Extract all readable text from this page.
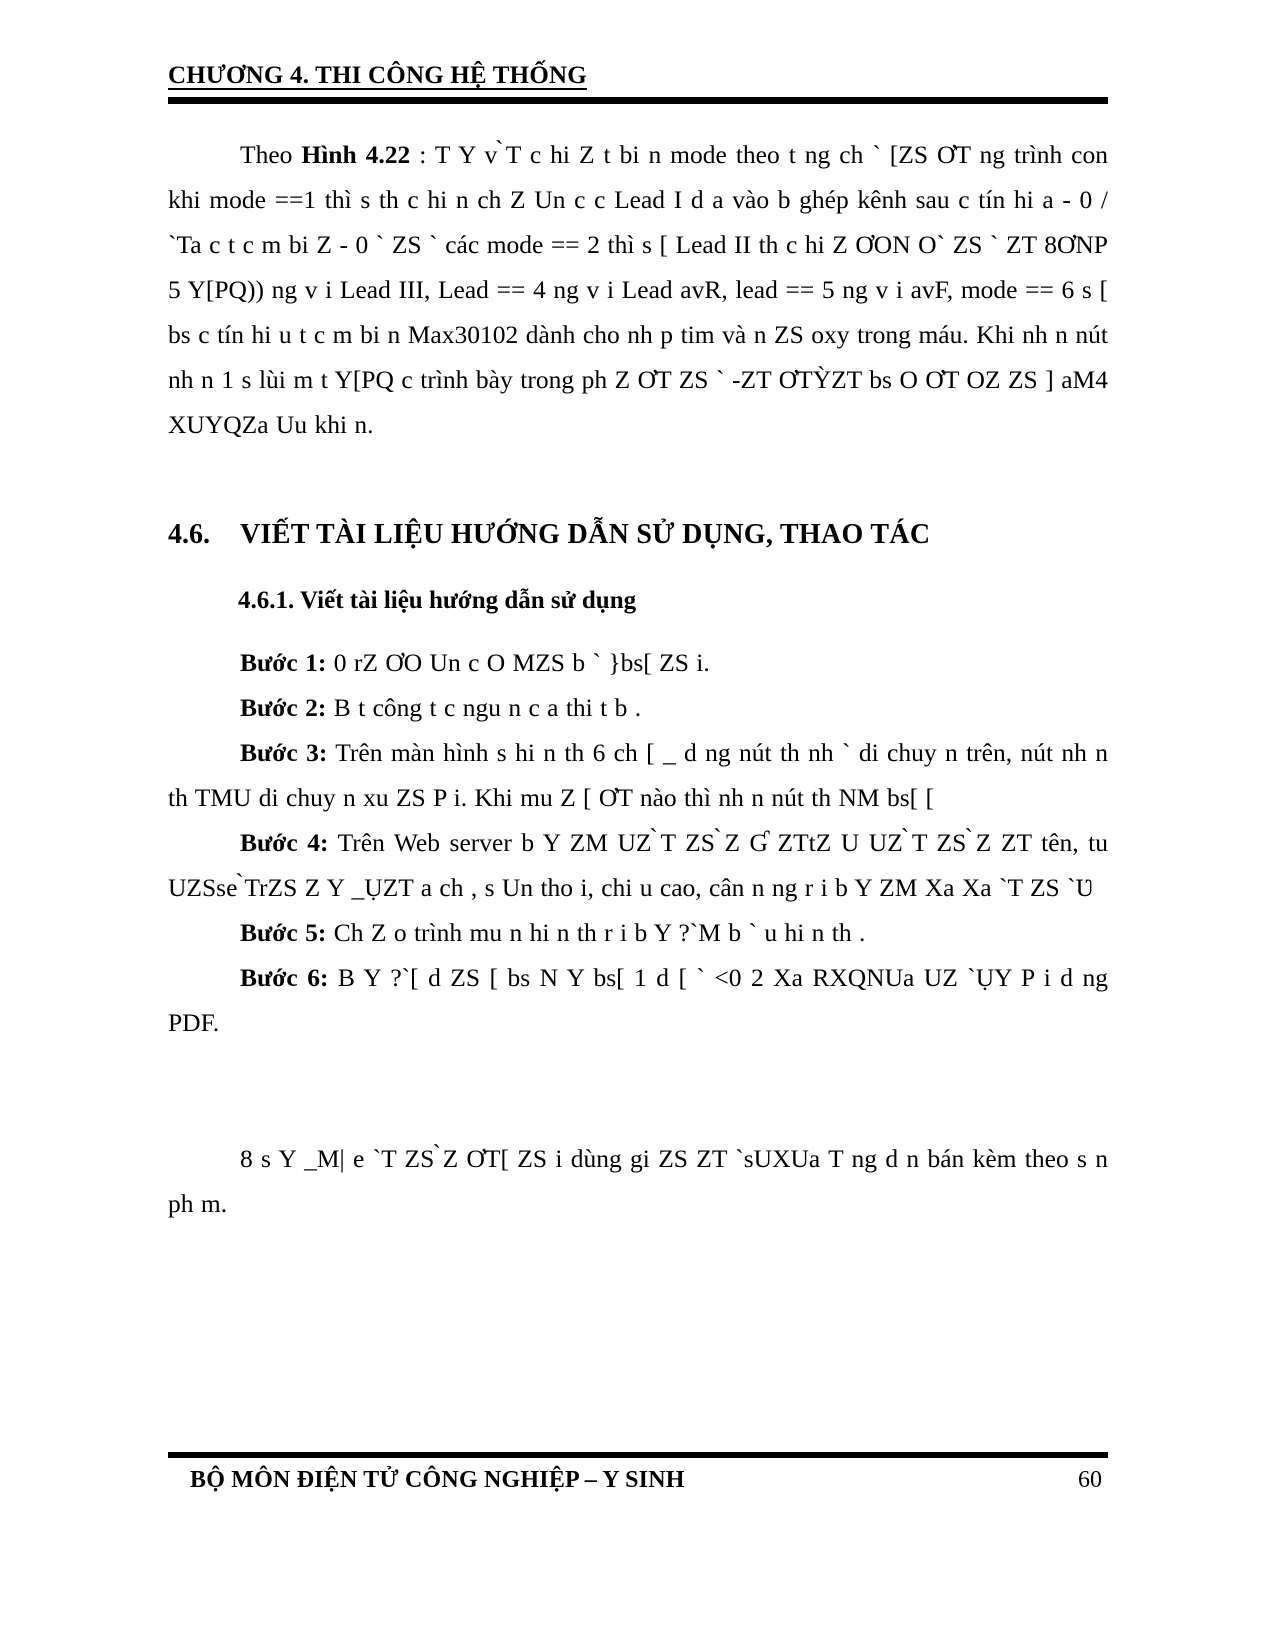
CHƯƠNG 4. THI CÔNG HỆ THỐNG

Theo Hình 4.22 : T Y v ̀T c hi Z t bi n mode theo t ng ch ` [ZS ƠT ng trình con khi mode ==1 thì s th c hi n ch Z Un c c Lead I d a vào b ghép kênh sau c tín hi a - 0 / `Ta c t c m bi Z - 0 ` ZS ` các mode == 2 thì s [ Lead II th c hi Z ƠON O` ZS ` ZT 8ƠNP 5 Y[PQ)) ng v i Lead III, Lead == 4 ng v i Lead avR, lead == 5 ng v i avF, mode == 6 s [ bs c tín hi u t c m bi n Max30102 dành cho nh p tim và n ZS oxy trong máu. Khi nh n nút nh n 1 s lùi m t Y[PQ c trình bày trong ph Z ƠT ZS ` -ZT ƠTỲZT bs O ƠT OZ ZS ] aM4 XUYQZa Uu khi n.

4.6. VIẾT TÀI LIỆU HƯỚNG DẪN SỬ DỤNG, THAO TÁC
4.6.1. Viết tài liệu hướng dẫn sử dụng

Bước 1: 0 rZ ƠO Un c O MZS b ` }bs[ ZS i.

Bước 2: B t công t c ngu n c a thi t b .

Bước 3: Trên màn hình s hi n th 6 ch [ _ d ng nút th nh ` di chuy n trên, nút nh n th TMU di chuy n xu ZS P i. Khi mu Z [ ƠT nào thì nh n nút th NM bs[ [

Bước 4: Trên Web server b Y ZM UZ ̀T ZS ̀Z Ɠ ZTtZ U UZ ̀T ZS ̀Z ZT tên, tu UZSse ̀TrZS Z Y _ỤZT a ch , s Un tho i, chi u cao, cân n ng r i b Y ZM Xa Xa `T ZS `Ʋ

Bước 5: Ch Z o trình mu n hi n th r i b Y ?`M b ` u hi n th .

Bước 6: B Y ?`[ d ZS [ bs N Y bs[ 1 d [ ` <0 2 Xa RXQNUa UZ `ỤY P i d ng PDF.

8 s Y _M| e `T ZS ̀Z ƠT[ ZS i dùng gi ZS ZT `sUXUa T ng d n bán kèm theo s n ph m.

BỘ MÔN ĐIỆN TỬ CÔNG NGHIỆP – Y SINH	60
